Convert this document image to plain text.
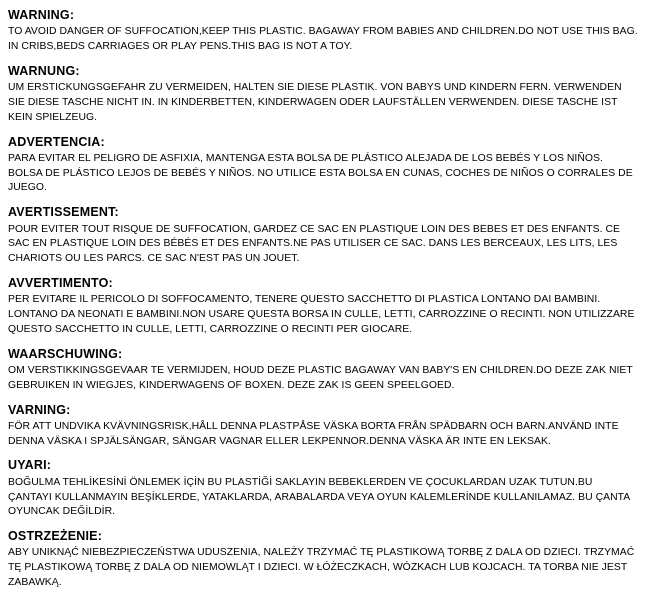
WARNING:

TO AVOID DANGER OF SUFFOCATION,KEEP THIS PLASTIC. BAGAWAY FROM BABIES AND CHILDREN.DO NOT USE THIS BAG. IN CRIBS,BEDS CARRIAGES OR PLAY PENS.THIS BAG IS NOT A TOY.

WARNUNG:

UM ERSTICKUNGSGEFAHR ZU VERMEIDEN, HALTEN SIE DIESE PLASTIK. VON BABYS UND KINDERN FERN. VERWENDEN SIE DIESE TASCHE NICHT IN. IN KINDERBETTEN, KINDERWAGEN ODER LAUFSTÄLLEN VERWENDEN. DIESE TASCHE IST KEIN SPIELZEUG.

ADVERTENCIA:

PARA EVITAR EL PELIGRO DE ASFIXIA, MANTENGA ESTA BOLSA DE PLÁSTICO ALEJADA DE LOS BEBÉS Y LOS NIÑOS. BOLSA DE PLÁSTICO LEJOS DE BEBÉS Y NIÑOS. NO UTILICE ESTA BOLSA EN CUNAS, COCHES DE NIÑOS O CORRALES DE JUEGO.

AVERTISSEMENT:

POUR EVITER TOUT RISQUE DE SUFFOCATION, GARDEZ CE SAC EN PLASTIQUE LOIN DES BEBES ET DES ENFANTS. CE SAC EN PLASTIQUE LOIN DES BÉBÉS ET DES ENFANTS.NE PAS UTILISER CE SAC. DANS LES BERCEAUX, LES LITS, LES CHARIOTS OU LES PARCS. CE SAC N'EST PAS UN JOUET.

AVVERTIMENTO:

PER EVITARE IL PERICOLO DI SOFFOCAMENTO, TENERE QUESTO SACCHETTO DI PLASTICA LONTANO DAI BAMBINI. LONTANO DA NEONATI E BAMBINI.NON USARE QUESTA BORSA IN CULLE, LETTI, CARROZZINE O RECINTI. NON UTILIZZARE QUESTO SACCHETTO IN CULLE, LETTI, CARROZZINE O RECINTI PER GIOCARE.

WAARSCHUWING:

OM VERSTIKKINGSGEVAAR TE VERMIJDEN, HOUD DEZE PLASTIC BAGAWAY VAN BABY'S EN CHILDREN.DO DEZE ZAK NIET GEBRUIKEN IN WIEGJES, KINDERWAGENS OF BOXEN. DEZE ZAK IS GEEN SPEELGOED.

VARNING:

FÖR ATT UNDVIKA KVÄVNINGSRISK,HÅLL DENNA PLASTPÅSE VÄSKA BORTA FRÅN SPÄDBARN OCH BARN.ANVÄND INTE DENNA VÄSKA I SPJÄLSÄNGAR, SÄNGAR VAGNAR ELLER LEKPENNOR.DENNA VÄSKA ÄR INTE EN LEKSAK.

UYARI:

BOĞULMA TEHLİKESİNİ ÖNLEMEK İÇİN BU PLASTİĞİ SAKLAYIN BEBEKLERDEN VE ÇOCUKLARDAN UZAK TUTUN.BU ÇANTAYI KULLANMAYIN BEŞİKLERDE, YATAKLARDA, ARABALARDA VEYA OYUN KALEMLERİNDE KULLANILAMAZ. BU ÇANTA OYUNCAK DEĞİLDİR.

OSTRZEŻENIE:

ABY UNIKNĄĆ NIEBEZPIECZEŃSTWA UDUSZENIA, NALEŻY TRZYMAĆ TĘ PLASTIKOWĄ TORBĘ Z DALA OD DZIECI. TRZYMAĆ TĘ PLASTIKOWĄ TORBĘ Z DALA OD NIEMOWLĄT I DZIECI. W ŁÓŻECZKACH, WÓZKACH LUB KOJCACH. TA TORBA NIE JEST ZABAWKĄ.
